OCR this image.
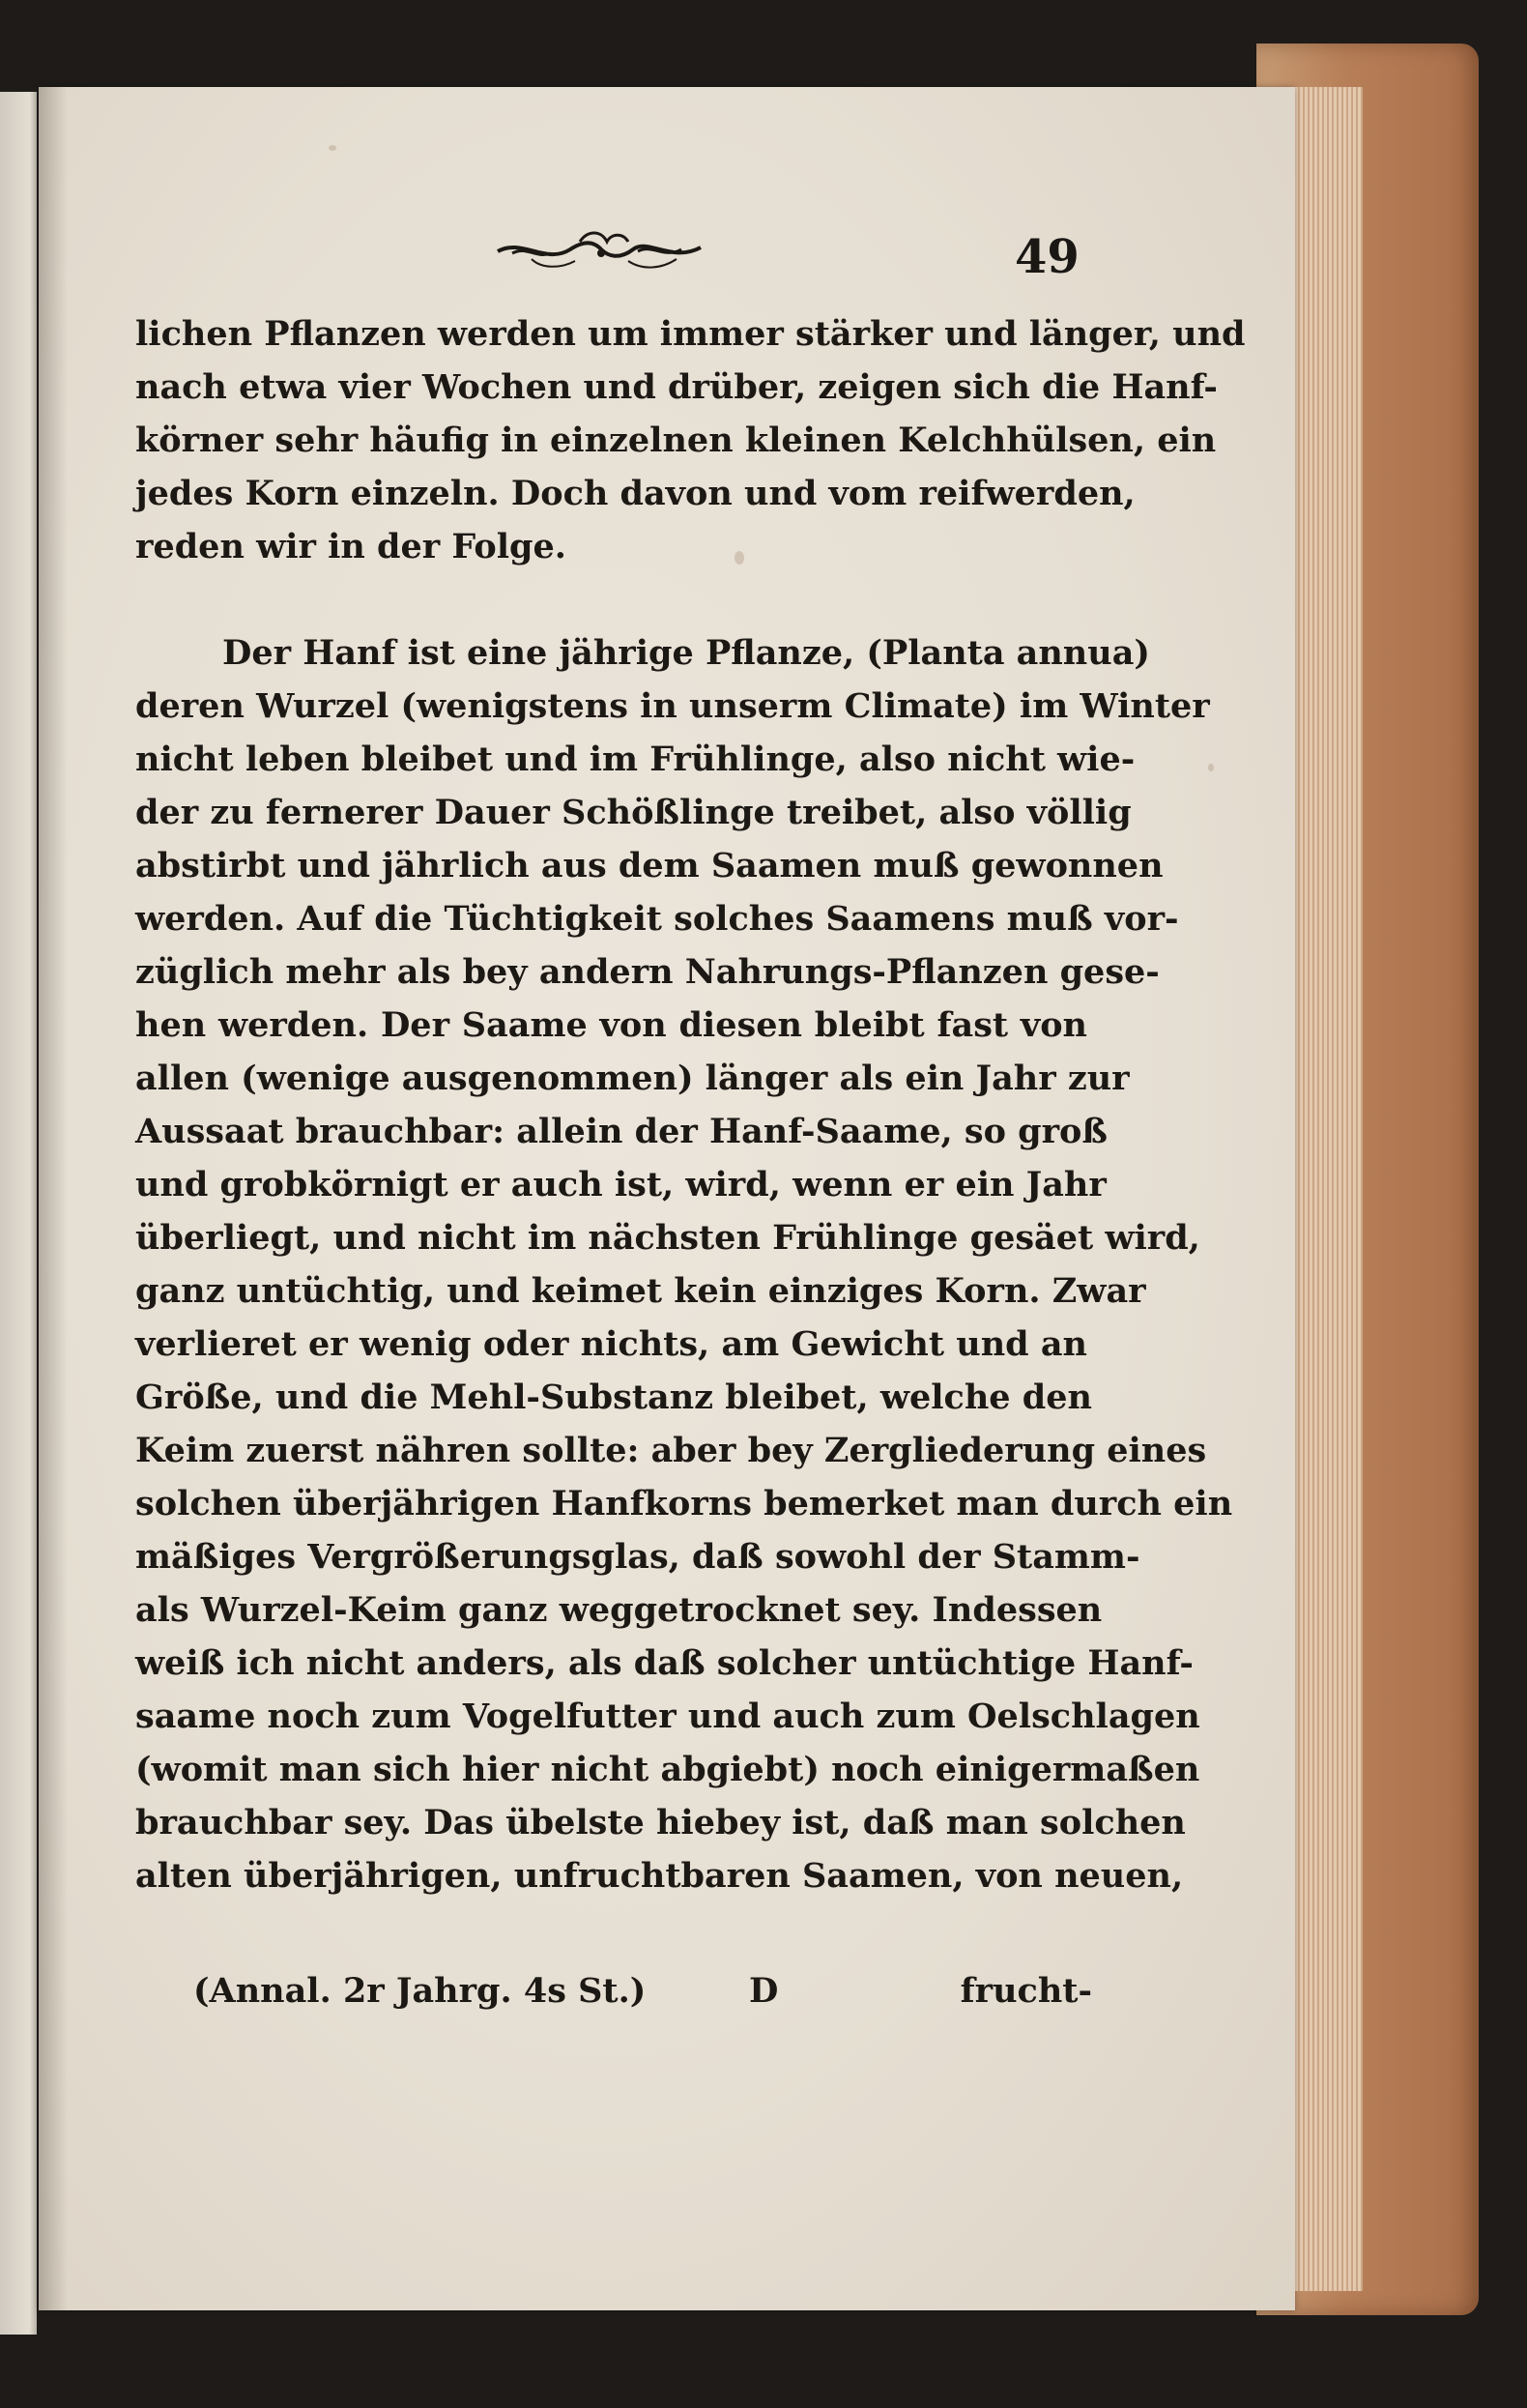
49
lichen Pflanzen werden um immer stärker und länger, und
nach etwa vier Wochen und drüber, zeigen sich die Hanf-
körner sehr häufig in einzelnen kleinen Kelchhülsen, ein
jedes Korn einzeln. Doch davon und vom reifwerden,
reden wir in der Folge.
Der Hanf ist eine jährige Pflanze, (Planta annua)
deren Wurzel (wenigstens in unserm Climate) im Winter
nicht leben bleibet und im Frühlinge, also nicht wie-
der zu fernerer Dauer Schößlinge treibet, also völlig
abstirbt und jährlich aus dem Saamen muß gewonnen
werden. Auf die Tüchtigkeit solches Saamens muß vor-
züglich mehr als bey andern Nahrungs-Pflanzen gese-
hen werden. Der Saame von diesen bleibt fast von
allen (wenige ausgenommen) länger als ein Jahr zur
Aussaat brauchbar: allein der Hanf-Saame, so groß
und grobkörnigt er auch ist, wird, wenn er ein Jahr
überliegt, und nicht im nächsten Frühlinge gesäet wird,
ganz untüchtig, und keimet kein einziges Korn. Zwar
verlieret er wenig oder nichts, am Gewicht und an
Größe, und die Mehl-Substanz bleibet, welche den
Keim zuerst nähren sollte: aber bey Zergliederung eines
solchen überjährigen Hanfkorns bemerket man durch ein
mäßiges Vergrößerungsglas, daß sowohl der Stamm-
als Wurzel-Keim ganz weggetrocknet sey. Indessen
weiß ich nicht anders, als daß solcher untüchtige Hanf-
saame noch zum Vogelfutter und auch zum Oelschlagen
(womit man sich hier nicht abgiebt) noch einigermaßen
brauchbar sey. Das übelste hiebey ist, daß man solchen
alten überjährigen, unfruchtbaren Saamen, von neuen,
(Annal. 2r Jahrg. 4s St.)	D	frucht-
